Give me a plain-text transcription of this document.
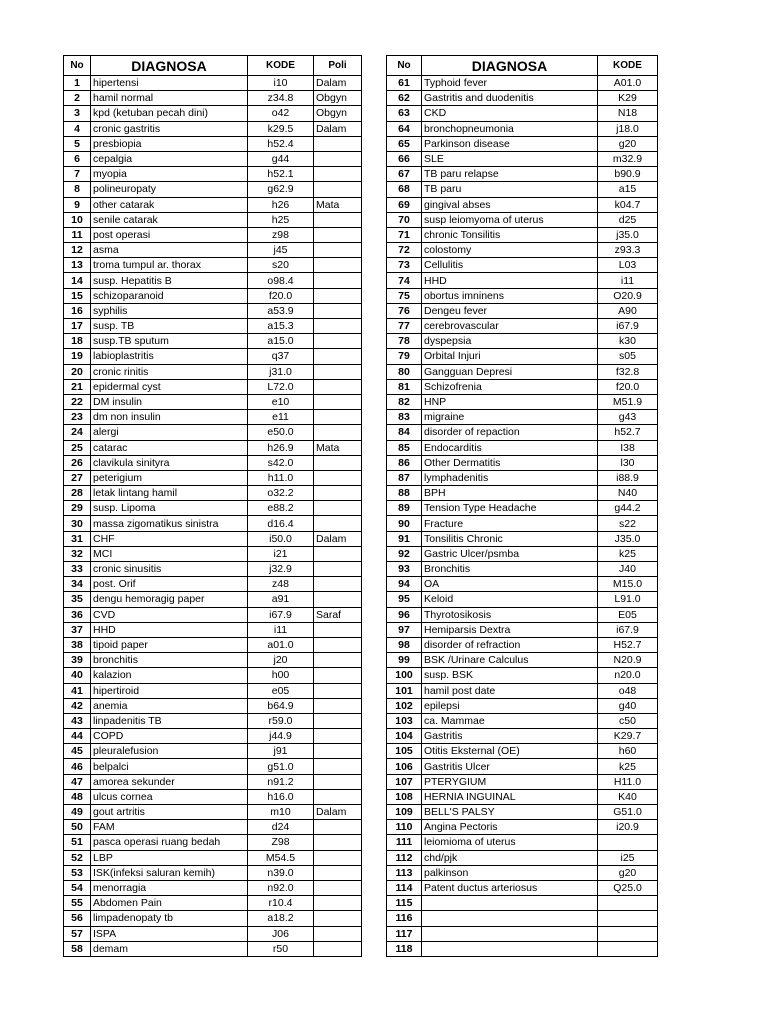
No	DIAGNOSA	KODE	Poli
1	hipertensi	i10	Dalam
2	hamil normal	z34.8	Obgyn
3	kpd (ketuban pecah dini)	o42	Obgyn
4	cronic gastritis	k29.5	Dalam
5	presbiopia	h52.4	
6	cepalgia	g44	
7	myopia	h52.1	
8	polineuropaty	g62.9	
9	other catarak	h26	Mata
10	senile catarak	h25	
11	post operasi	z98	
12	asma	j45	
13	troma tumpul ar. thorax	s20	
14	susp. Hepatitis B	o98.4	
15	schizoparanoid	f20.0	
16	syphilis	a53.9	
17	susp. TB	a15.3	
18	susp.TB sputum	a15.0	
19	labioplastritis	q37	
20	cronic rinitis	j31.0	
21	epidermal cyst	L72.0	
22	DM insulin	e10	
23	dm non insulin	e11	
24	alergi	e50.0	
25	catarac	h26.9	Mata
26	clavikula sinityra	s42.0	
27	peterigium	h11.0	
28	letak lintang hamil	o32.2	
29	susp. Lipoma	e88.2	
30	massa zigomatikus sinistra	d16.4	
31	CHF	i50.0	Dalam
32	MCI	i21	
33	cronic sinusitis	j32.9	
34	post. Orif	z48	
35	dengu hemoragig paper	a91	
36	CVD	i67.9	Saraf
37	HHD	i11	
38	tipoid paper	a01.0	
39	bronchitis	j20	
40	kalazion	h00	
41	hipertiroid	e05	
42	anemia	b64.9	
43	linpadenitis TB	r59.0	
44	COPD	j44.9	
45	pleuralefusion	j91	
46	belpalci	g51.0	
47	amorea sekunder	n91.2	
48	ulcus cornea	h16.0	
49	gout artritis	m10	Dalam
50	FAM	d24	
51	pasca operasi ruang bedah	Z98	
52	LBP	M54.5	
53	ISK(infeksi saluran kemih)	n39.0	
54	menorragia	n92.0	
55	Abdomen Pain	r10.4	
56	limpadenopaty tb	a18.2	
57	ISPA	J06	
58	demam	r50	
No	DIAGNOSA	KODE
61	Typhoid fever	A01.0
62	Gastritis and duodenitis	K29
63	CKD	N18
64	bronchopneumonia	j18.0
65	Parkinson disease	g20
66	SLE	m32.9
67	TB paru relapse	b90.9
68	TB paru	a15
69	gingival abses	k04.7
70	susp leiomyoma of uterus	d25
71	chronic Tonsilitis	j35.0
72	colostomy	z93.3
73	Cellulitis	L03
74	HHD	i11
75	obortus imninens	O20.9
76	Dengeu fever	A90
77	cerebrovascular	i67.9
78	dyspepsia	k30
79	Orbital Injuri	s05
80	Gangguan Depresi	f32.8
81	Schizofrenia	f20.0
82	HNP	M51.9
83	migraine	g43
84	disorder of repaction	h52.7
85	Endocarditis	I38
86	Other Dermatitis	l30
87	lymphadenitis	i88.9
88	BPH	N40
89	Tension Type Headache	g44.2
90	Fracture	s22
91	Tonsilitis Chronic	J35.0
92	Gastric Ulcer/psmba	k25
93	Bronchitis	J40
94	OA	M15.0
95	Keloid	L91.0
96	Thyrotosikosis	E05
97	Hemiparsis Dextra	i67.9
98	disorder of refraction	H52.7
99	BSK /Urinare Calculus	N20.9
100	susp. BSK	n20.0
101	hamil post date	o48
102	epilepsi	g40
103	ca. Mammae	c50
104	Gastritis	K29.7
105	Otitis Eksternal (OE)	h60
106	Gastritis Ulcer	k25
107	PTERYGIUM	H11.0
108	HERNIA INGUINAL	K40
109	BELL'S PALSY	G51.0
110	Angina Pectoris	i20.9
111	leiomioma of uterus	
112	chd/pjk	i25
113	palkinson	g20
114	Patent ductus arteriosus	Q25.0
115		
116		
117		
118		
